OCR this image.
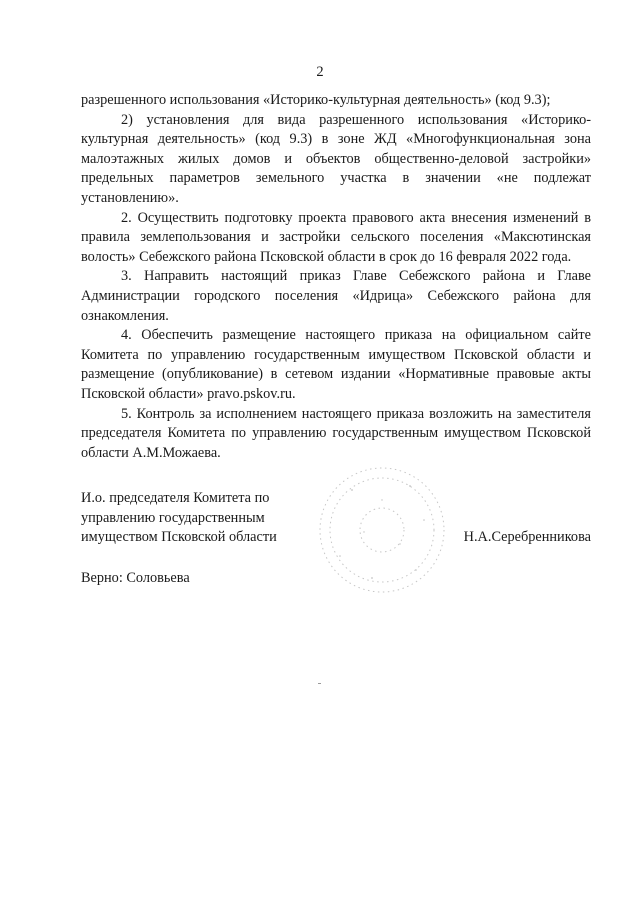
2

разрешенного использования «Историко-культурная деятельность» (код 9.3);

2) установления для вида разрешенного использования «Историко-культурная деятельность» (код 9.3) в зоне ЖД «Многофункциональная зона малоэтажных жилых домов и объектов общественно-деловой застройки» предельных параметров земельного участка в значении «не подлежат установлению».

2. Осуществить подготовку проекта правового акта внесения изменений в правила землепользования и застройки сельского поселения «Максютинская волость» Себежского района Псковской области в срок до 16 февраля 2022 года.

3. Направить настоящий приказ Главе Себежского района и Главе Администрации городского поселения «Идрица» Себежского района для ознакомления.

4. Обеспечить размещение настоящего приказа на официальном сайте Комитета по управлению государственным имуществом Псковской области и размещение (опубликование) в сетевом издании «Нормативные правовые акты Псковской области» pravo.pskov.ru.

5. Контроль за исполнением настоящего приказа возложить на заместителя председателя Комитета по управлению государственным имуществом Псковской области А.М.Можаева.

И.о. председателя Комитета по
управлению государственным
имуществом Псковской области	Н.А.Серебренникова
Верно: Соловьева
